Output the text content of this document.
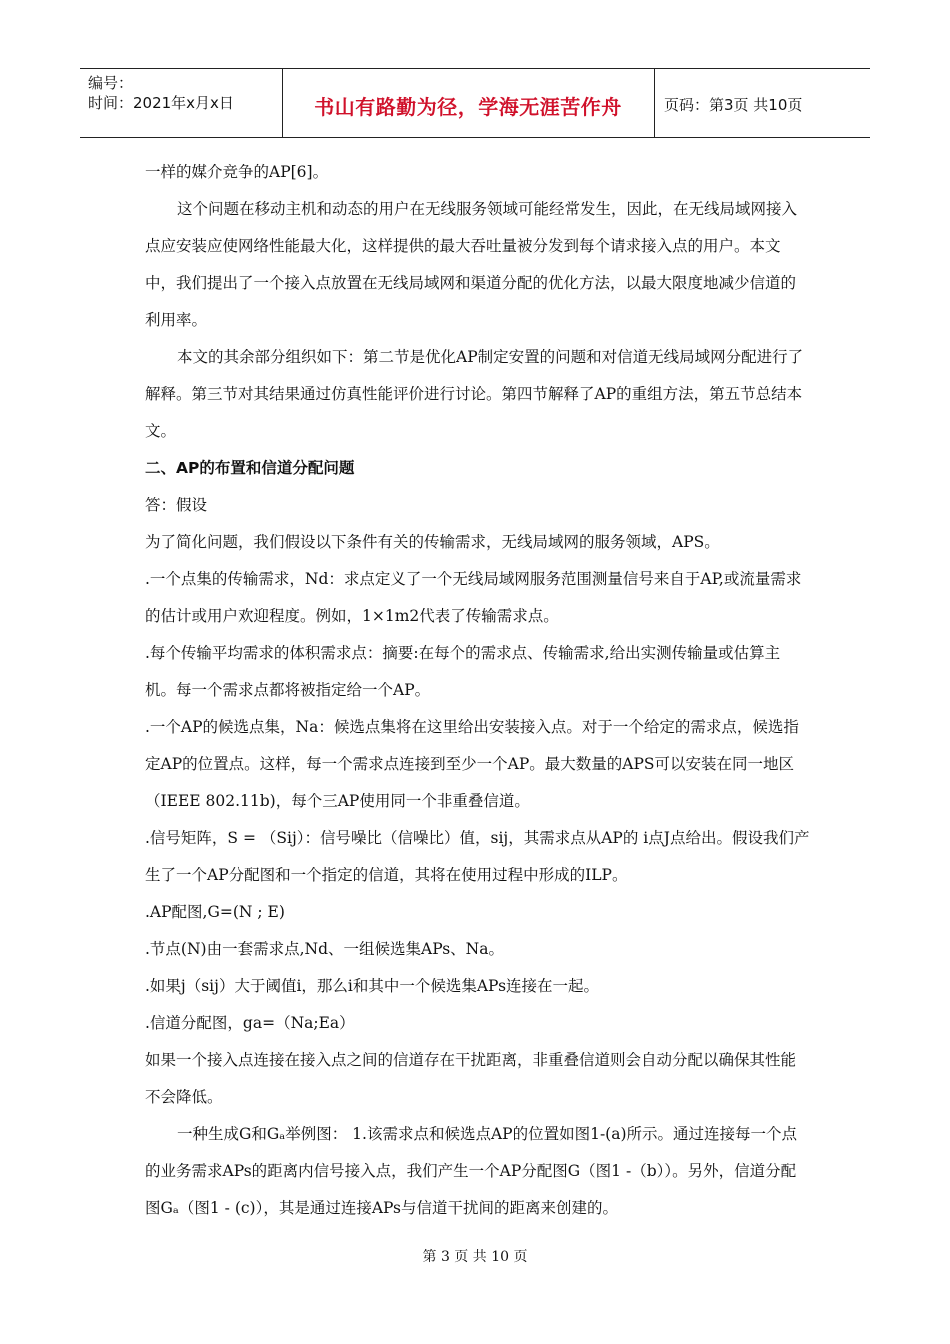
编号：
时间：2021年x月x日	书山有路勤为径，学海无涯苦作舟	页码：第3页 共10页

一样的媒介竞争的AP[6]。

这个问题在移动主机和动态的用户在无线服务领域可能经常发生，因此，在无线局域网接入点应安装应使网络性能最大化，这样提供的最大吞吐量被分发到每个请求接入点的用户。本文中，我们提出了一个接入点放置在无线局域网和渠道分配的优化方法，以最大限度地减少信道的利用率。

本文的其余部分组织如下：第二节是优化AP制定安置的问题和对信道无线局域网分配进行了解释。第三节对其结果通过仿真性能评价进行讨论。第四节解释了AP的重组方法，第五节总结本文。

二、AP的布置和信道分配问题

答：假设

为了简化问题，我们假设以下条件有关的传输需求，无线局域网的服务领域，APS。

.一个点集的传输需求，Nd：求点定义了一个无线局域网服务范围测量信号来自于AP,或流量需求的估计或用户欢迎程度。例如，1×1m2代表了传输需求点。

.每个传输平均需求的体积需求点：摘要:在每个的需求点、传输需求,给出实测传输量或估算主机。每一个需求点都将被指定给一个AP。

.一个AP的候选点集，Na：候选点集将在这里给出安装接入点。对于一个给定的需求点，候选指定AP的位置点。这样，每一个需求点连接到至少一个AP。最大数量的APS可以安装在同一地区（IEEE 802.11b)，每个三AP使用同一个非重叠信道。

.信号矩阵，S = （Sij）：信号噪比（信噪比）值，sij，其需求点从AP的 i点J点给出。假设我们产生了一个AP分配图和一个指定的信道，其将在使用过程中形成的ILP。

.AP配图,G=(N ; E)

.节点(N)由一套需求点,Nd、一组候选集APs、Na。

.如果j（sij）大于阈值i，那么i和其中一个候选集APs连接在一起。

.信道分配图，ga=（Na;Ea）

如果一个接入点连接在接入点之间的信道存在干扰距离，非重叠信道则会自动分配以确保其性能不会降低。

一种生成G和Gₐ举例图： 1.该需求点和候选点AP的位置如图1-(a)所示。通过连接每一个点的业务需求APs的距离内信号接入点，我们产生一个AP分配图G（图1 -（b））。另外，信道分配图Gₐ（图1 - (c)），其是通过连接APs与信道干扰间的距离来创建的。

第 3 页 共 10 页
